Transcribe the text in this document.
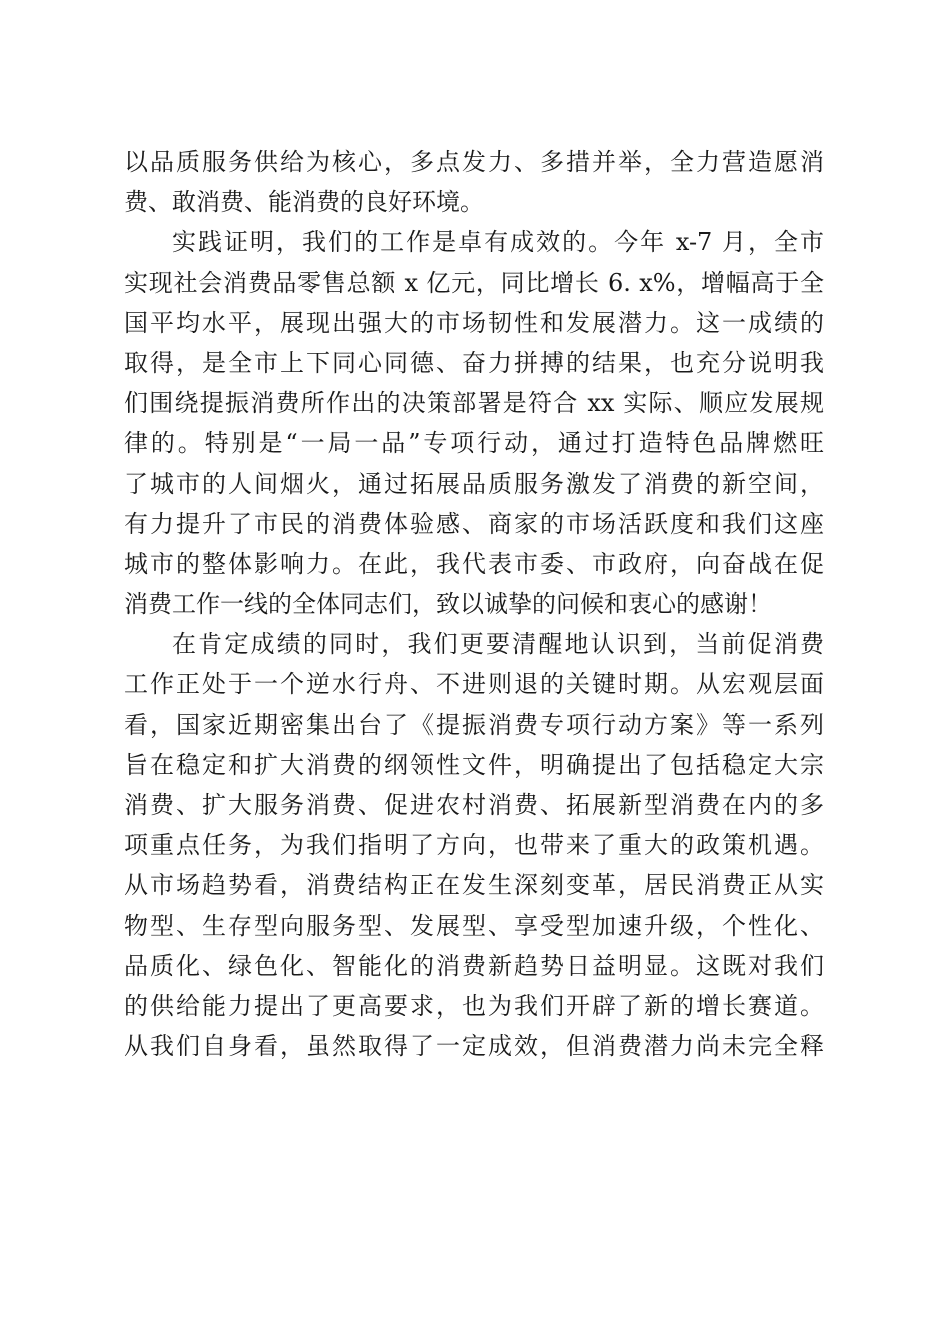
以品质服务供给为核心，多点发力、多措并举，全力营造愿消
费、敢消费、能消费的良好环境。
实践证明，我们的工作是卓有成效的。今年 x-7 月，全市
实现社会消费品零售总额 x 亿元，同比增长 6. x%，增幅高于全
国平均水平，展现出强大的市场韧性和发展潜力。这一成绩的
取得，是全市上下同心同德、奋力拼搏的结果，也充分说明我
们围绕提振消费所作出的决策部署是符合 xx 实际、顺应发展规
律的。特别是“一局一品”专项行动，通过打造特色品牌燃旺
了城市的人间烟火，通过拓展品质服务激发了消费的新空间，
有力提升了市民的消费体验感、商家的市场活跃度和我们这座
城市的整体影响力。在此，我代表市委、市政府，向奋战在促
消费工作一线的全体同志们，致以诚挚的问候和衷心的感谢！
在肯定成绩的同时，我们更要清醒地认识到，当前促消费
工作正处于一个逆水行舟、不进则退的关键时期。从宏观层面
看，国家近期密集出台了《提振消费专项行动方案》等一系列
旨在稳定和扩大消费的纲领性文件，明确提出了包括稳定大宗
消费、扩大服务消费、促进农村消费、拓展新型消费在内的多
项重点任务，为我们指明了方向，也带来了重大的政策机遇。
从市场趋势看，消费结构正在发生深刻变革，居民消费正从实
物型、生存型向服务型、发展型、享受型加速升级，个性化、
品质化、绿色化、智能化的消费新趋势日益明显。这既对我们
的供给能力提出了更高要求，也为我们开辟了新的增长赛道。
从我们自身看，虽然取得了一定成效，但消费潜力尚未完全释
